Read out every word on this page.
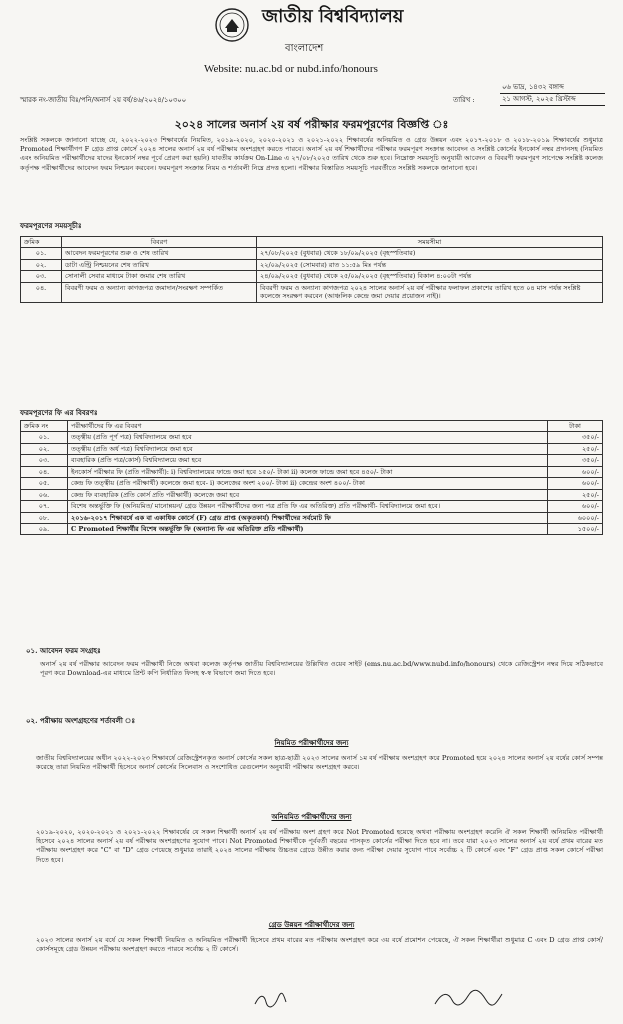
জাতীয় বিশ্ববিদ্যালয়
বাংলাদেশ
Website: nu.ac.bd or nubd.info/honours
স্মারক নং-জাতীয় বিঃ/পনি/অনার্স ২য় বর্ষ/৪৬/২০২৪/১০৩০০	তারিখ :
০৬ ভাদ্র, ১৪৩২ বঙ্গাব্দ
২১ আগস্ট, ২০২৫ খ্রিস্টাব্দ
২০২৪ সালের অনার্স ২য় বর্ষ পরীক্ষার ফরমপূরণের বিজ্ঞপ্তি ঃ
সংশ্লিষ্ট সকলকে জানানো যাচ্ছে যে, ২০২২-২০২৩ শিক্ষাবর্ষের নিয়মিত, ২০১৯-২০২০, ২০২০-২০২১ ও ২০২১-২০২২ শিক্ষাবর্ষের অনিয়মিত ও গ্রেড উন্নয়ন এবং ২০১৭-২০১৮ ও ২০১৮-২০১৯ শিক্ষাবর্ষের শুধুমাত্র Promoted শিক্ষার্থীগণ F গ্রেড প্রাপ্ত কোর্সে ২০২৪ সালের অনার্স ২য় বর্ষ পরীক্ষায় অংশগ্রহণ করতে পারবে। অনার্স ২য় বর্ষ শিক্ষার্থীদের পরীক্ষার ফরমপূরণ সংক্রান্ত আবেদন ও সংশ্লিষ্ট কোর্সের ইনকোর্স নম্বর প্রদানসহ (নিয়মিত এবং অনিয়মিত পরীক্ষার্থীদের যাদের ইনকোর্স নম্বর পূর্বে প্রেরণ করা হয়নি) যাবতীয় কার্যক্রম On-Line এ ২৭/০৮/২০২৫ তারিখ থেকে শুরু হবে। নিম্নোক্ত সময়সূচি অনুযায়ী আবেদন ও বিবরণী ফরমপূরণ সাপেক্ষে সংশ্লিষ্ট কলেজ কর্তৃপক্ষ পরীক্ষার্থীদের আবেদন ফরম নিশ্চয়ন করবেন। ফরমপূরণ সংক্রান্ত নিয়ম ও শর্তাবলী নিম্নে প্রদত্ত হলো। পরীক্ষার বিস্তারিত সময়সূচি পরবর্তীতে সংশ্লিষ্ট সকলকে জানানো হবে।
ফরমপূরণের সময়সূচীঃ
ক্রমিক	বিবরণ	সময়সীমা
০১.	আবেদন ফরমপূরণের শুরু ও শেষ তারিখ	২৭/০৮/২০২৫ (বুধবার) থেকে ১৮/০৯/২০২৫ (বৃহস্পতিবার)
০২.	ডাটা এন্ট্রি নিশ্চয়নের শেষ তারিখ	২২/০৯/২০২৫ (সোমবার) রাত ১১:৫৯ মিঃ পর্যন্ত
০৩.	সোনালী সেবার মাধ্যমে টাকা জমার শেষ তারিখ	২৪/০৯/২০২৫ (বুধবার) থেকে ২৫/০৯/২০২৫ (বৃহস্পতিবার) বিকাল ৪:০০টা পর্যন্ত
০৪.	বিবরণী ফরম ও অন্যান্য কাগজপত্র জমাদান/সংরক্ষণ সম্পর্কিত	বিবরণী ফরম ও অন্যান্য কাগজপত্র ২০২৪ সালের অনার্স ২য় বর্ষ পরীক্ষার ফলাফল প্রকাশের তারিখ হতে ০৪ মাস পর্যন্ত সংশ্লিষ্ট কলেজে সংরক্ষণ করবেন (আঞ্চলিক কেন্দ্রে জমা দেয়ার প্রয়োজন নাই)।
ফরমপূরণের ফি এর বিবরণঃ
ক্রমিক নং	পরীক্ষার্থীদের ফি এর বিবরণ	টাকা
০১.	তত্ত্বীয় (প্রতি পূর্ণ পত্র) বিশ্ববিদ্যালয়ে জমা হবে	৩৫০/-
০২.	তত্ত্বীয় (প্রতি অর্ধ পত্র) বিশ্ববিদ্যালয়ে জমা হবে	২৫০/-
০৩.	ব্যবহারিক (প্রতি পত্র/কোর্স) বিশ্ববিদ্যালয়ে জমা হবে	৩৫০/-
০৪.	ইনকোর্স পরীক্ষার ফি (প্রতি পরীক্ষার্থী): i) বিশ্ববিদ্যালয়ের ফান্ডে জমা হবে ১৫০/- টাকা ii) কলেজ ফান্ডে জমা হবে ৪৫০/- টাকা	৬০০/-
০৫.	কেন্দ্র ফি তত্ত্বীয় (প্রতি পরীক্ষার্থী) কলেজে জমা হবে- i) কলেজের অংশ ২০০/- টাকা ii) কেন্দ্রের অংশ ৪০০/- টাকা	৬০০/-
০৬.	কেন্দ্র ফি ব্যবহারিক (প্রতি কোর্স প্রতি পরীক্ষার্থী) কলেজে জমা হবে	২৫০/-
০৭.	বিশেষ অন্তর্ভুক্তি ফি (অনিয়মিত/ মানোন্নয়ন/ গ্রেড উন্নয়ন পরীক্ষার্থীদের জন্য পত্র প্রতি ফি এর অতিরিক্ত) প্রতি পরীক্ষার্থী- বিশ্ববিদ্যালয়ে জমা হবে।	৬০০/-
০৮.	২০১৬-২০১৭ শিক্ষাবর্ষে এক বা একাধিক কোর্সে (F) গ্রেড প্রাপ্ত (অকৃতকার্য) শিক্ষার্থীদের সর্বমোট ফি	৬০০০/-
০৯.	C Promoted শিক্ষার্থীর বিশেষ অন্তর্ভুক্তি ফি (অন্যান্য ফি এর অতিরিক্ত প্রতি পরীক্ষার্থী)	১৫০০/-
০১. আবেদন ফরম সংগ্রহঃ
অনার্স ২য় বর্ষ পরীক্ষার আবেদন ফরম পরীক্ষার্থী নিজে অথবা কলেজ কর্তৃপক্ষ জাতীয় বিশ্ববিদ্যালয়ের উল্লিখিত ওয়েব সাইট (ems.nu.ac.bd/www.nubd.info/honours) থেকে রেজিস্ট্রেশন নম্বর দিয়ে সঠিকভাবে পূরণ করে Download-এর মাধ্যমে প্রিন্ট কপি নির্ধারিত ফিসহ স্ব-স্ব বিভাগে জমা দিতে হবে।
০২. পরীক্ষায় অংশগ্রহণের শর্তাবলী ঃ
নিয়মিত পরীক্ষার্থীদের জন্য
জাতীয় বিশ্ববিদ্যালয়ের অধীন ২০২২-২০২৩ শিক্ষাবর্ষে রেজিস্ট্রেশনকৃত অনার্স কোর্সের সকল ছাত্র-ছাত্রী ২০২৩ সালের অনার্স ১ম বর্ষ পরীক্ষায় অংশগ্রহণ করে Promoted হয়ে ২০২৪ সালের অনার্স ২য় বর্ষের কোর্স সম্পন্ন করেছে তারা নিয়মিত পরীক্ষার্থী হিসেবে অনার্স কোর্সের সিলেবাস ও সংশোধিত রেগুলেশন অনুযায়ী পরীক্ষায় অংশগ্রহণ করবে।
অনিয়মিত পরীক্ষার্থীদের জন্য
২০১৯-২০২০, ২০২০-২০২১ ও ২০২১-২০২২ শিক্ষাবর্ষের যে সকল শিক্ষার্থী অনার্স ২য় বর্ষ পরীক্ষায় অংশ গ্রহণ করে Not Promoted হয়েছে অথবা পরীক্ষায় অংশগ্রহণ করেনি ঐ সকল শিক্ষার্থী অনিয়মিত পরীক্ষার্থী হিসেবে ২০২৪ সালের অনার্স ২য় বর্ষ পরীক্ষায় অংশগ্রহণের সুযোগ পাবে। Not Promoted শিক্ষার্থীকে পূর্ববর্তী বছরের পাসকৃত কোর্সের পরীক্ষা দিতে হবে না। তবে যারা ২০২৩ সালের অনার্স ২য় বর্ষে প্রথম বারের মত পরীক্ষায় অংশগ্রহণ করে "C" বা "D" গ্রেড পেয়েছে শুধুমাত্র তারাই ২০২৪ সালের পরীক্ষায় উচ্চতর গ্রেডে উন্নীত করার জন্য পরীক্ষা দেয়ার সুযোগ পাবে সর্বোচ্চ ২ টি কোর্সে এবং "F" গ্রেড প্রাপ্ত সকল কোর্সে পরীক্ষা দিতে হবে।
গ্রেড উন্নয়ন পরীক্ষার্থীদের জন্য
২০২৩ সালের অনার্স ২য় বর্ষে যে সকল শিক্ষার্থী নিয়মিত ও অনিয়মিত পরীক্ষার্থী হিসেবে প্রথম বারের মত পরীক্ষায় অংশগ্রহণ করে ৩য় বর্ষে প্রমোশন পেয়েছে, ঐ সকল শিক্ষার্থীরা শুধুমাত্র C এবং D গ্রেড প্রাপ্ত কোর্স/কোর্সসমূহে গ্রেড উন্নয়ন পরীক্ষায় অংশগ্রহণ করতে পারবে সর্বোচ্চ ২ টি কোর্সে।
